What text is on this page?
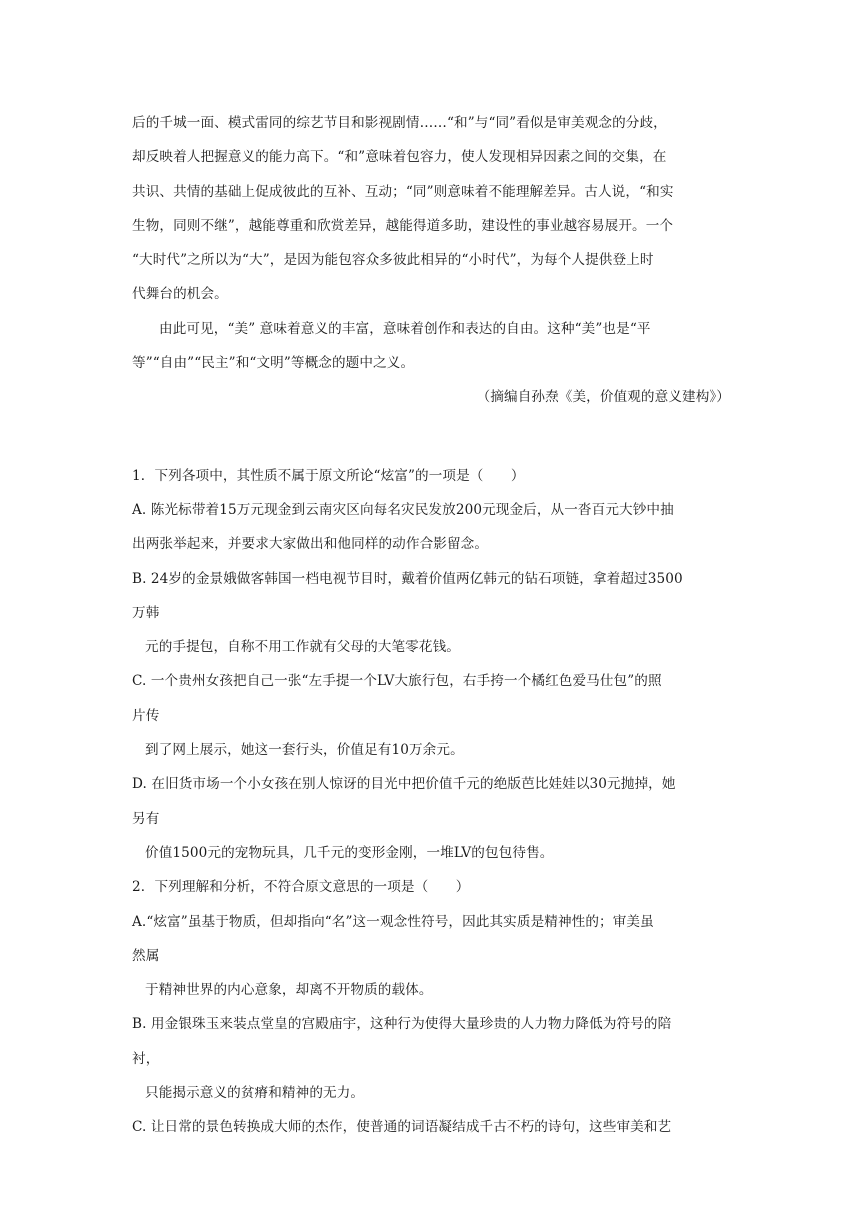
后的千城一面、模式雷同的综艺节目和影视剧情……“和”与“同”看似是审美观念的分歧，
却反映着人把握意义的能力高下。“和”意味着包容力，使人发现相异因素之间的交集，在
共识、共情的基础上促成彼此的互补、互动；“同”则意味着不能理解差异。古人说，“和实
生物，同则不继”，越能尊重和欣赏差异，越能得道多助，建设性的事业越容易展开。一个
“大时代”之所以为“大”，是因为能包容众多彼此相异的“小时代”，为每个人提供登上时
代舞台的机会。
由此可见，“美” 意味着意义的丰富，意味着创作和表达的自由。这种“美”也是“平
等”“自由”“民主”和“文明”等概念的题中之义。
（摘编自孙焘《美，价值观的意义建构》）
1．下列各项中，其性质不属于原文所论“炫富”的一项是（　　）
A. 陈光标带着15万元现金到云南灾区向每名灾民发放200元现金后，从一沓百元大钞中抽
出两张举起来，并要求大家做出和他同样的动作合影留念。
B. 24岁的金景娥做客韩国一档电视节目时，戴着价值两亿韩元的钻石项链，拿着超过3500
万韩
元的手提包，自称不用工作就有父母的大笔零花钱。
C. 一个贵州女孩把自己一张“左手提一个LV大旅行包，右手挎一个橘红色爱马仕包”的照
片传
到了网上展示，她这一套行头，价值足有10万余元。
D. 在旧货市场一个小女孩在别人惊讶的目光中把价值千元的绝版芭比娃娃以30元抛掉，她
另有
价值1500元的宠物玩具，几千元的变形金刚，一堆LV的包包待售。
2．下列理解和分析，不符合原文意思的一项是（　　）
A.“炫富”虽基于物质，但却指向“名”这一观念性符号，因此其实质是精神性的；审美虽
然属
于精神世界的内心意象，却离不开物质的载体。
B. 用金银珠玉来装点堂皇的宫殿庙宇，这种行为使得大量珍贵的人力物力降低为符号的陪
衬，
只能揭示意义的贫瘠和精神的无力。
C. 让日常的景色转换成大师的杰作，使普通的词语凝结成千古不朽的诗句，这些审美和艺
